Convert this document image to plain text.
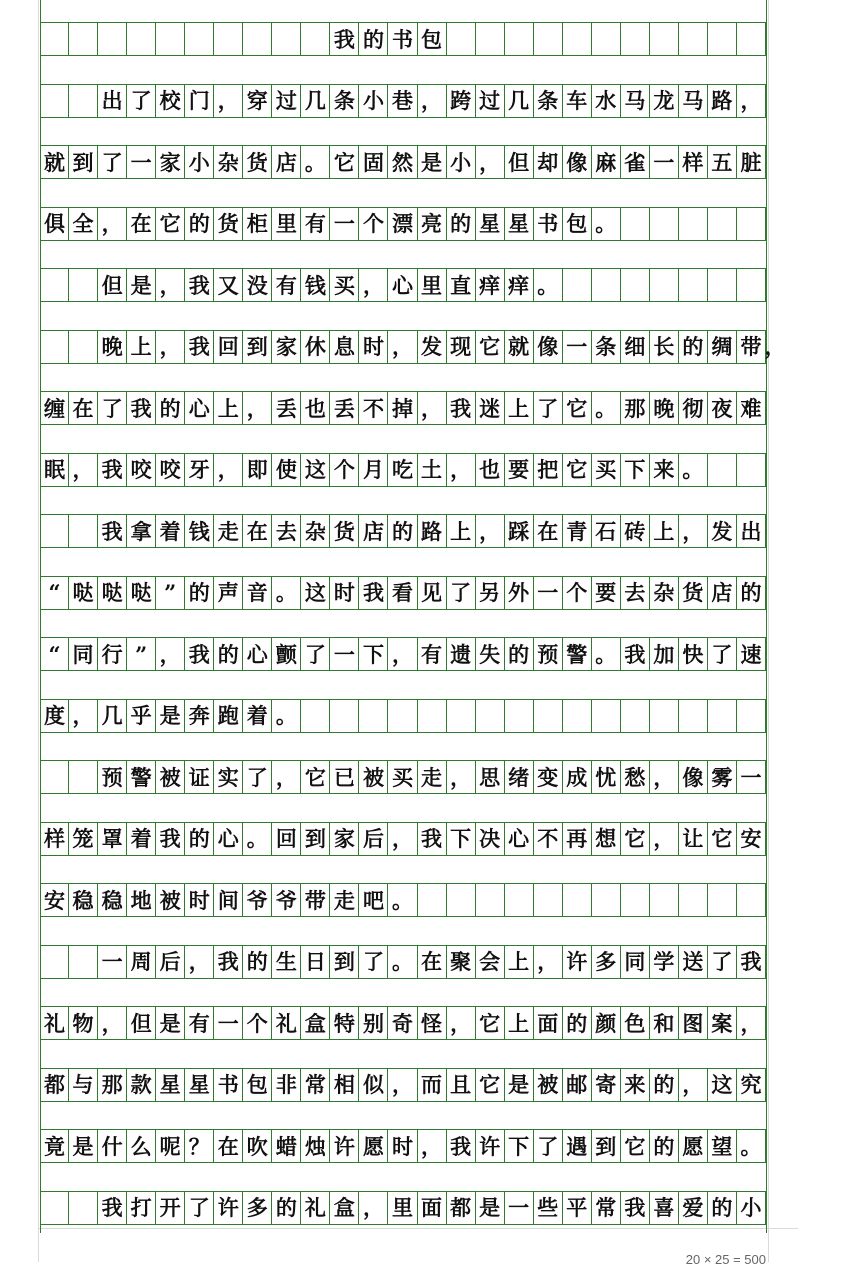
我 的 书 包
出 了 校 门 ， 穿 过 几 条 小 巷 ， 跨 过 几 条 车 水 马 龙 马 路 ，
就 到 了 一 家 小 杂 货 店 。 它 固 然 是 小 ， 但 却 像 麻 雀 一 样 五 脏
俱 全 ， 在 它 的 货 柜 里 有 一 个 漂 亮 的 星 星 书 包 。
但 是 ， 我 又 没 有 钱 买 ， 心 里 直 痒 痒 。
晚 上 ， 我 回 到 家 休 息 时 ， 发 现 它 就 像 一 条 细 长 的 绸 带 ，
缠 在 了 我 的 心 上 ， 丢 也 丢 不 掉 ， 我 迷 上 了 它 。 那 晚 彻 夜 难
眠 ， 我 咬 咬 牙 ， 即 使 这 个 月 吃 土 ， 也 要 把 它 买 下 来 。
我 拿 着 钱 走 在 去 杂 货 店 的 路 上 ， 踩 在 青 石 砖 上 ， 发 出
“ 哒 哒 哒 ” 的 声 音 。 这 时 我 看 见 了 另 外 一 个 要 去 杂 货 店 的
“ 同 行 ” ， 我 的 心 颤 了 一 下 ， 有 遗 失 的 预 警 。 我 加 快 了 速
度 ， 几 乎 是 奔 跑 着 。
预 警 被 证 实 了 ， 它 已 被 买 走 ， 思 绪 变 成 忧 愁 ， 像 雾 一
样 笼 罩 着 我 的 心 。 回 到 家 后 ， 我 下 决 心 不 再 想 它 ， 让 它 安
安 稳 稳 地 被 时 间 爷 爷 带 走 吧 。
一 周 后 ， 我 的 生 日 到 了 。 在 聚 会 上 ， 许 多 同 学 送 了 我
礼 物 ， 但 是 有 一 个 礼 盒 特 别 奇 怪 ， 它 上 面 的 颜 色 和 图 案 ，
都 与 那 款 星 星 书 包 非 常 相 似 ， 而 且 它 是 被 邮 寄 来 的 ， 这 究
竟 是 什 么 呢 ？ 在 吹 蜡 烛 许 愿 时 ， 我 许 下 了 遇 到 它 的 愿 望 。
我 打 开 了 许 多 的 礼 盒 ， 里 面 都 是 一 些 平 常 我 喜 爱 的 小
20 × 25 = 500
